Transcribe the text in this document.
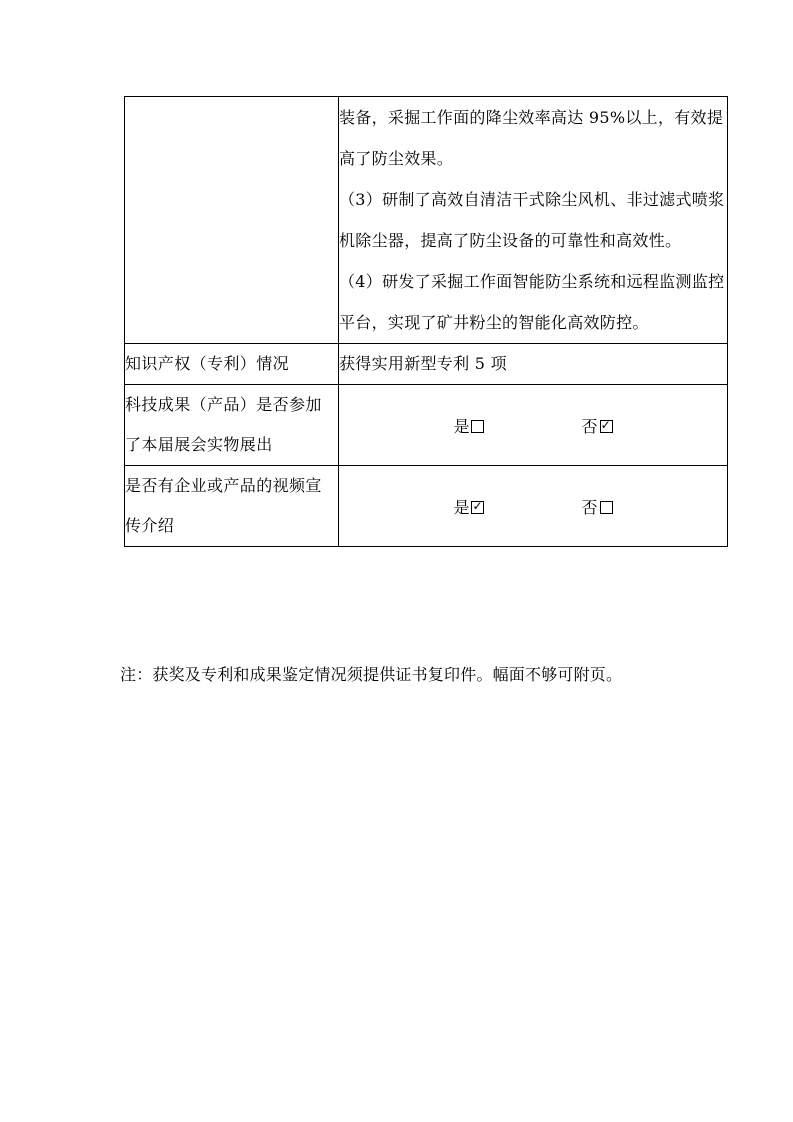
	装备，采掘工作面的降尘效率高达 95%以上，有效提高了防尘效果。
（3）研制了高效自清洁干式除尘风机、非过滤式喷浆机除尘器，提高了防尘设备的可靠性和高效性。
（4）研发了采掘工作面智能防尘系统和远程监测监控平台，实现了矿井粉尘的智能化高效防控。

知识产权（专利）情况	获得实用新型专利 5 项
科技成果（产品）是否参加了本届展会实物展出	是 否 ✓

是否有企业或产品的视频宣传介绍	是 ✓ 否
注：获奖及专利和成果鉴定情况须提供证书复印件。幅面不够可附页。
